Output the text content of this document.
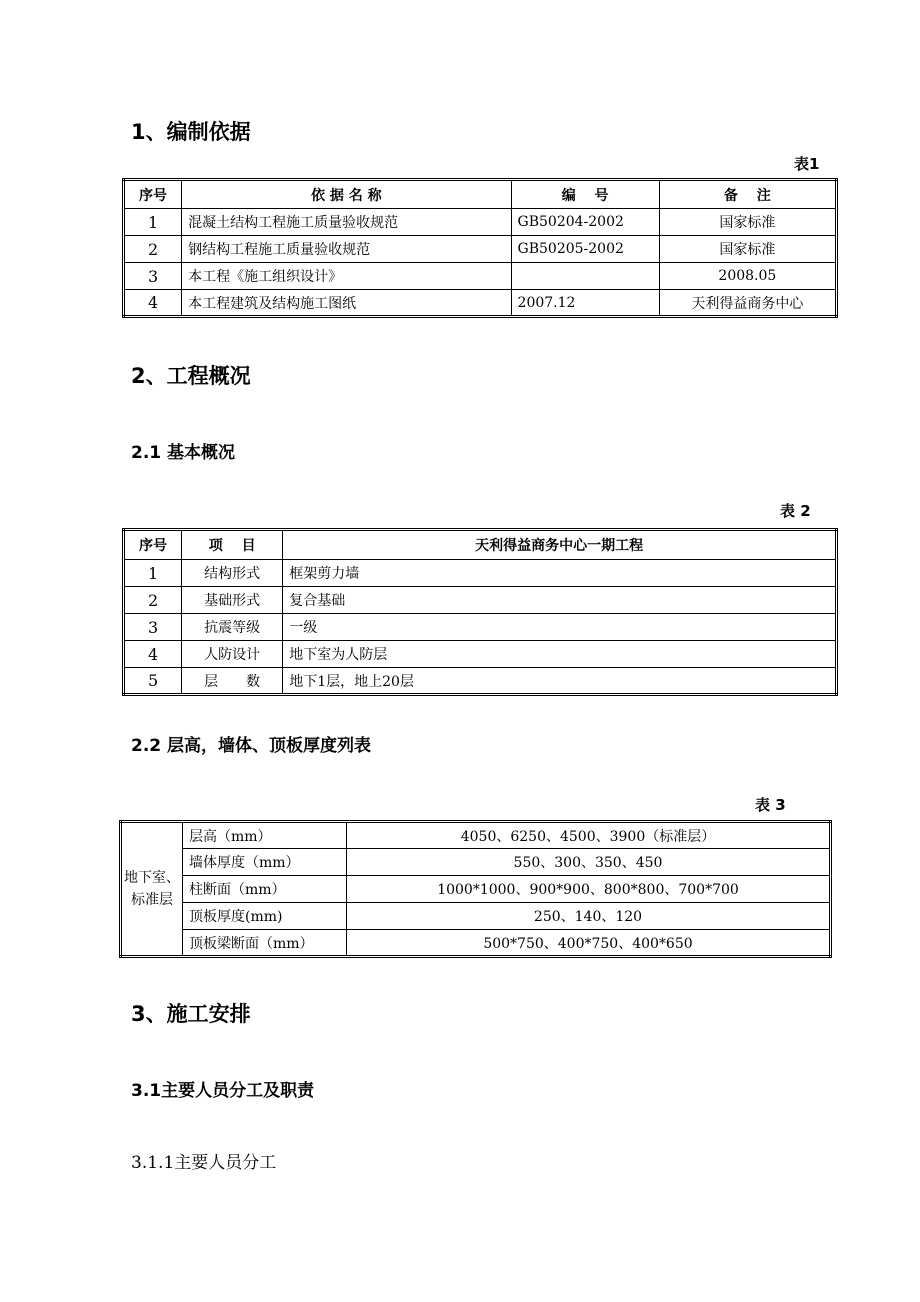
1、编制依据
表1
序号	依 据 名 称	编　 号	备　 注
1	混凝土结构工程施工质量验收规范	GB50204-2002	国家标准
2	钢结构工程施工质量验收规范	GB50205-2002	国家标准
3	本工程《施工组织设计》		2008.05
4	本工程建筑及结构施工图纸	2007.12	天利得益商务中心
2、工程概况
2.1 基本概况
表 2
序号	项　 目	天利得益商务中心一期工程
1	结构形式	框架剪力墙
2	基础形式	复合基础
3	抗震等级	一级
4	人防设计	地下室为人防层
5	层　　数	地下1层，地上20层
2.2 层高，墙体、顶板厚度列表
表 3
地下室、标准层	层高（mm）	4050、6250、4500、3900（标准层）
	墙体厚度（mm）	550、300、350、450
	柱断面（mm）	1000*1000、900*900、800*800、700*700
	顶板厚度(mm)	250、140、120
	顶板梁断面（mm）	500*750、400*750、400*650
3、施工安排
3.1主要人员分工及职责
3.1.1主要人员分工
